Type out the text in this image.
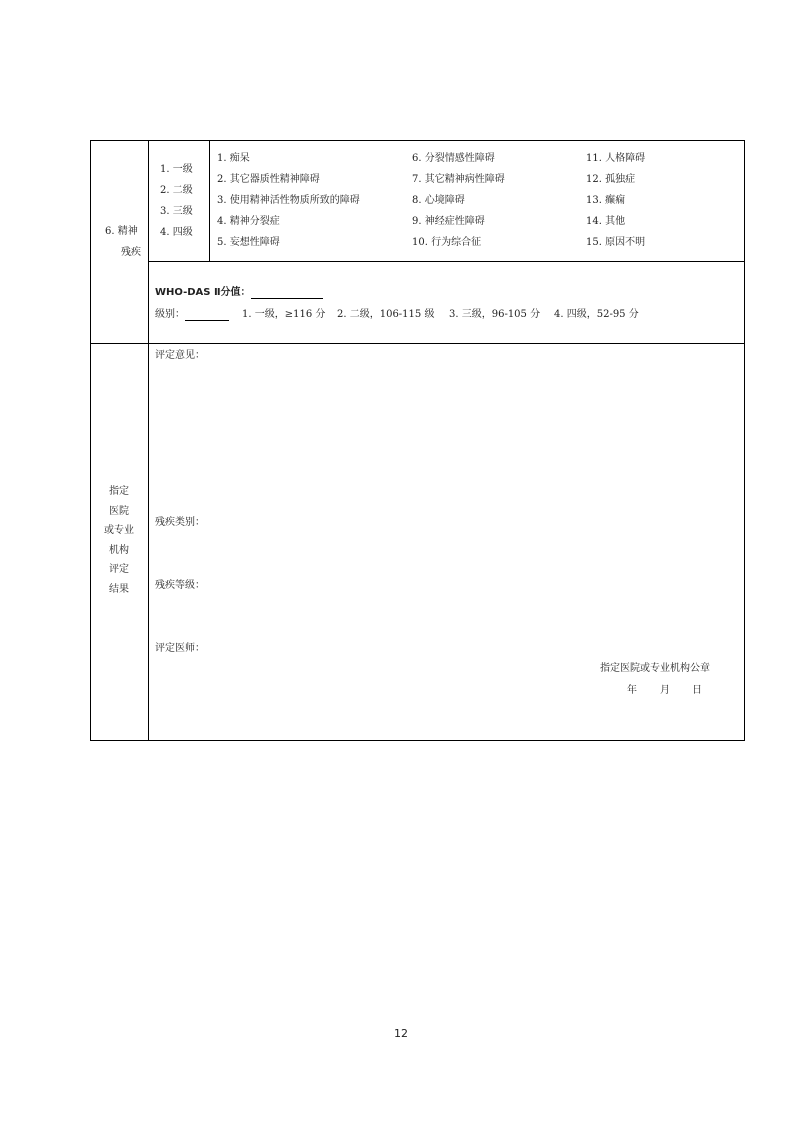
6. 精神
残疾
1. 一级
2. 二级
3. 三级
4. 四级
1. 痴呆
2. 其它器质性精神障碍
3. 使用精神活性物质所致的障碍
4. 精神分裂症
5. 妄想性障碍
6. 分裂情感性障碍
7. 其它精神病性障碍
8. 心境障碍
9. 神经症性障碍
10. 行为综合征
11. 人格障碍
12. 孤独症
13. 癫痫
14. 其他
15. 原因不明
WHO-DAS Ⅱ分值：
级别：	1. 一级，≥116 分 2. 二级，106-115 级 3. 三级，96-105 分 4. 四级，52-95 分
指定
医院
或专业
机构
评定
结果
评定意见：
残疾类别：
残疾等级：
评定医师：
指定医院或专业机构公章
年 月 日
12
